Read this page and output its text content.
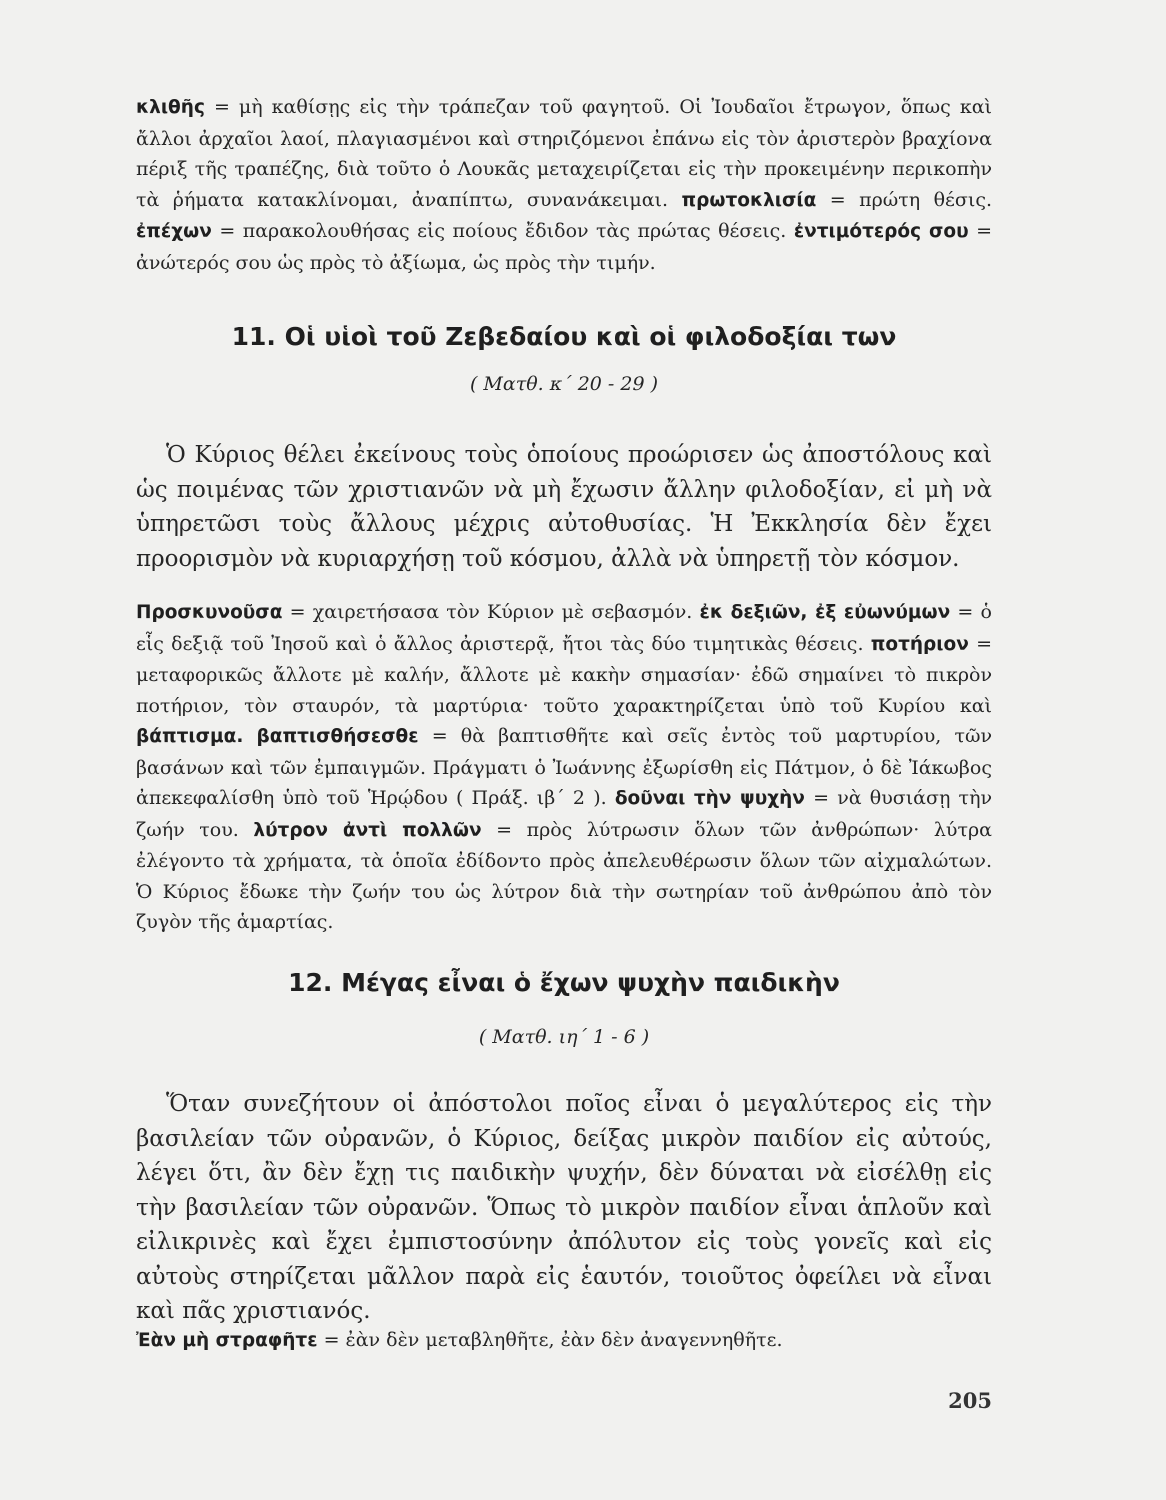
κλιθῆς = μὴ καθίσῃς εἰς τὴν τράπεζαν τοῦ φαγητοῦ. Οἱ Ἰουδαῖοι ἔτρωγον, ὅπως καὶ ἄλλοι ἀρχαῖοι λαοί, πλαγιασμένοι καὶ στηριζόμενοι ἐπάνω εἰς τὸν ἀριστερὸν βραχίονα πέριξ τῆς τραπέζης, διὰ τοῦτο ὁ Λουκᾶς μεταχειρίζεται εἰς τὴν προκειμένην περικοπὴν τὰ ῥήματα κατακλίνομαι, ἀναπίπτω, συνανάκειμαι. πρωτοκλισία = πρώτη θέσις. ἐπέχων = παρακολουθήσας εἰς ποίους ἔδιδον τὰς πρώτας θέσεις. ἐντιμότερός σου = ἀνώτερός σου ὡς πρὸς τὸ ἀξίωμα, ὡς πρὸς τὴν τιμήν.

11. Οἱ υἱοὶ τοῦ Ζεβεδαίου καὶ οἱ φιλοδοξίαι των
( Ματθ. κ΄ 20 - 29 )

Ὁ Κύριος θέλει ἐκείνους τοὺς ὁποίους προώρισεν ὡς ἀποστόλους καὶ ὡς ποιμένας τῶν χριστιανῶν νὰ μὴ ἔχωσιν ἄλλην φιλοδοξίαν, εἰ μὴ νὰ ὑπηρετῶσι τοὺς ἄλλους μέχρις αὐτοθυσίας. Ἡ Ἐκκλησία δὲν ἔχει προορισμὸν νὰ κυριαρχήσῃ τοῦ κόσμου, ἀλλὰ νὰ ὑπηρετῇ τὸν κόσμον.

Προσκυνοῦσα = χαιρετήσασα τὸν Κύριον μὲ σεβασμόν. ἐκ δεξιῶν, ἐξ εὐωνύμων = ὁ εἷς δεξιᾷ τοῦ Ἰησοῦ καὶ ὁ ἄλλος ἀριστερᾷ, ἤτοι τὰς δύο τιμητικὰς θέσεις. ποτήριον = μεταφορικῶς ἄλλοτε μὲ καλήν, ἄλλοτε μὲ κακὴν σημασίαν· ἐδῶ σημαίνει τὸ πικρὸν ποτήριον, τὸν σταυρόν, τὰ μαρτύρια· τοῦτο χαρακτηρίζεται ὑπὸ τοῦ Κυρίου καὶ βάπτισμα. βαπτισθήσεσθε = θὰ βαπτισθῆτε καὶ σεῖς ἐντὸς τοῦ μαρτυρίου, τῶν βασάνων καὶ τῶν ἐμπαιγμῶν. Πράγματι ὁ Ἰωάννης ἐξωρίσθη εἰς Πάτμον, ὁ δὲ Ἰάκωβος ἀπεκεφαλίσθη ὑπὸ τοῦ Ἡρῴδου ( Πράξ. ιβ΄ 2 ). δοῦναι τὴν ψυχὴν = νὰ θυσιάσῃ τὴν ζωήν του. λύτρον ἀντὶ πολλῶν = πρὸς λύτρωσιν ὅλων τῶν ἀνθρώπων· λύτρα ἐλέγοντο τὰ χρήματα, τὰ ὁποῖα ἐδίδοντο πρὸς ἀπελευθέρωσιν ὅλων τῶν αἰχμαλώτων. Ὁ Κύριος ἔδωκε τὴν ζωήν του ὡς λύτρον διὰ τὴν σωτηρίαν τοῦ ἀνθρώπου ἀπὸ τὸν ζυγὸν τῆς ἁμαρτίας.

12. Μέγας εἶναι ὁ ἔχων ψυχὴν παιδικὴν
( Ματθ. ιη΄ 1 - 6 )

Ὅταν συνεζήτουν οἱ ἀπόστολοι ποῖος εἶναι ὁ μεγαλύτερος εἰς τὴν βασιλείαν τῶν οὐρανῶν, ὁ Κύριος, δείξας μικρὸν παιδίον εἰς αὐτούς, λέγει ὅτι, ἂν δὲν ἔχῃ τις παιδικὴν ψυχήν, δὲν δύναται νὰ εἰσέλθῃ εἰς τὴν βασιλείαν τῶν οὐρανῶν. Ὅπως τὸ μικρὸν παιδίον εἶναι ἁπλοῦν καὶ εἰλικρινὲς καὶ ἔχει ἐμπιστοσύνην ἀπόλυτον εἰς τοὺς γονεῖς καὶ εἰς αὐτοὺς στηρίζεται μᾶλλον παρὰ εἰς ἑαυτόν, τοιοῦτος ὀφείλει νὰ εἶναι καὶ πᾶς χριστιανός.

Ἐὰν μὴ στραφῆτε = ἐὰν δὲν μεταβληθῆτε, ἐὰν δὲν ἀναγεννηθῆτε.

205
